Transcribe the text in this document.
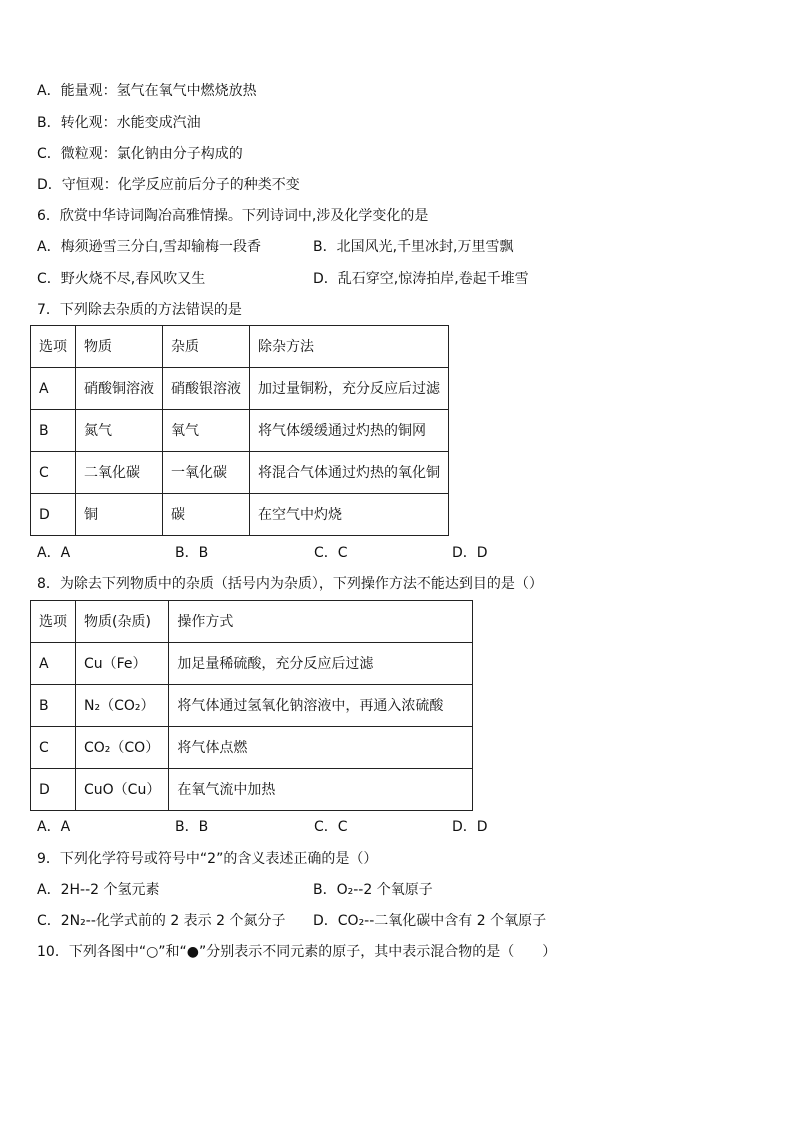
A．能量观：氢气在氧气中燃烧放热
B．转化观：水能变成汽油
C．微粒观：氯化钠由分子构成的
D．守恒观：化学反应前后分子的种类不变
6．欣赏中华诗词陶冶高雅情操。下列诗词中,涉及化学变化的是
A．梅须逊雪三分白,雪却输梅一段香	B．北国风光,千里冰封,万里雪飘
C．野火烧不尽,春风吹又生	D．乱石穿空,惊涛拍岸,卷起千堆雪
7．下列除去杂质的方法错误的是
选项	物质	杂质	除杂方法
A	硝酸铜溶液	硝酸银溶液	加过量铜粉，充分反应后过滤
B	氮气	氧气	将气体缓缓通过灼热的铜网
C	二氧化碳	一氧化碳	将混合气体通过灼热的氧化铜
D	铜	碳	在空气中灼烧
A．A	B．B	C．C	D．D
8．为除去下列物质中的杂质（括号内为杂质），下列操作方法不能达到目的是（）
选项	物质(杂质)	操作方式
A	Cu（Fe）	加足量稀硫酸，充分反应后过滤
B	N₂（CO₂）	将气体通过氢氧化钠溶液中，再通入浓硫酸
C	CO₂（CO）	将气体点燃
D	CuO（Cu）	在氧气流中加热
A．A	B．B	C．C	D．D
9．下列化学符号或符号中“2”的含义表述正确的是（）
A．2H--2 个氢元素	B．O₂--2 个氧原子
C．2N₂--化学式前的 2 表示 2 个氮分子 D．CO₂--二氧化碳中含有 2 个氧原子
10．下列各图中“○”和“●”分别表示不同元素的原子，其中表示混合物的是（　　）
